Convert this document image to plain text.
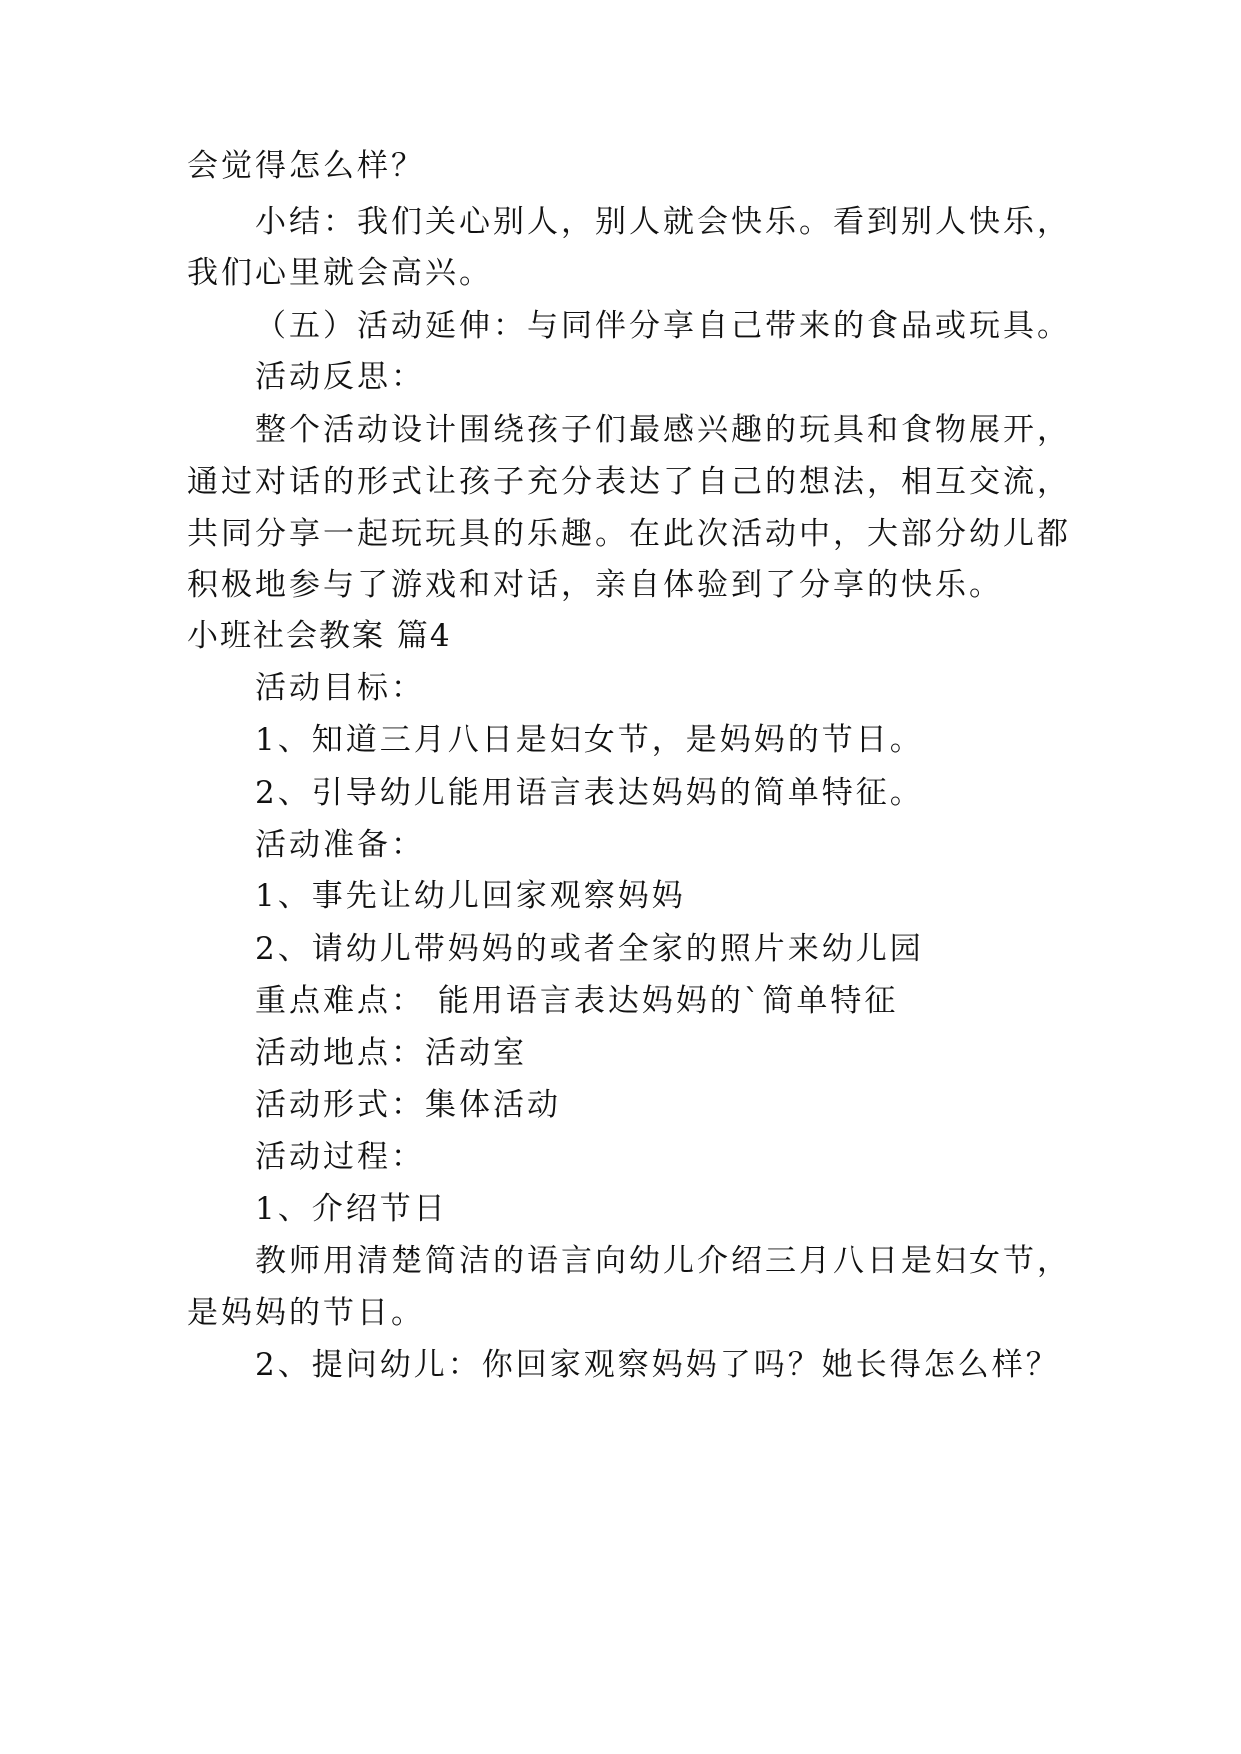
会觉得怎么样？
小结：我们关心别人，别人就会快乐。看到别人快乐，
我们心里就会高兴。
（五）活动延伸：与同伴分享自己带来的食品或玩具。
活动反思：
整个活动设计围绕孩子们最感兴趣的玩具和食物展开，
通过对话的形式让孩子充分表达了自己的想法，相互交流，
共同分享一起玩玩具的乐趣。在此次活动中，大部分幼儿都
积极地参与了游戏和对话，亲自体验到了分享的快乐。
小班社会教案 篇4
活动目标：
1、知道三月八日是妇女节，是妈妈的节日。
2、引导幼儿能用语言表达妈妈的简单特征。
活动准备：
1、事先让幼儿回家观察妈妈
2、请幼儿带妈妈的或者全家的照片来幼儿园
重点难点： 能用语言表达妈妈的`简单特征
活动地点：活动室
活动形式：集体活动
活动过程：
1、介绍节日
教师用清楚简洁的语言向幼儿介绍三月八日是妇女节，
是妈妈的节日。
2、提问幼儿：你回家观察妈妈了吗？她长得怎么样？
